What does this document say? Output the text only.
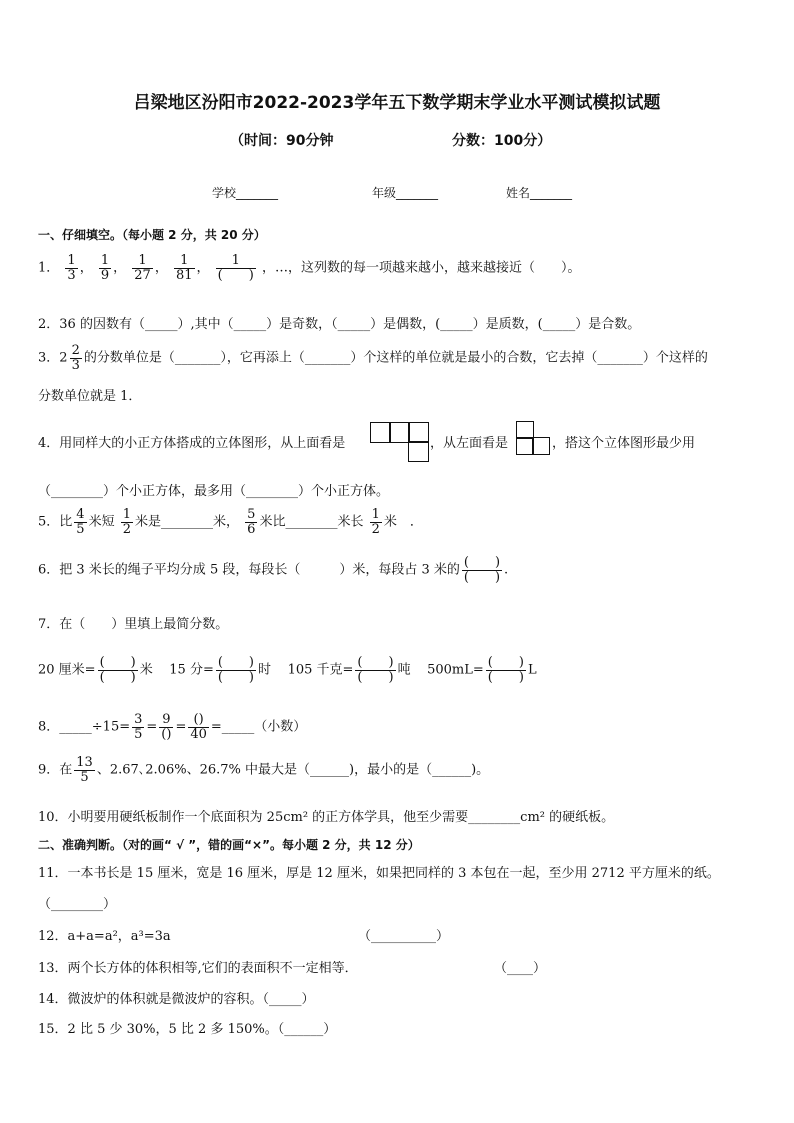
吕梁地区汾阳市2022-2023学年五下数学期末学业水平测试模拟试题
（时间：90分钟	分数：100分）
学校_______	年级_______	姓名_______
一、仔细填空。（每小题 2 分，共 20 分）
1． $\frac{1}{3}$ ， $\frac{1}{9}$ ， $\frac{1}{27}$ ， $\frac{1}{81}$ ， $\frac{1}{( )}$ ，…，这列数的每一项越来越小，越来越接近（　　）。
2．36 的因数有（_____）,其中（_____）是奇数，（_____）是偶数，(_____）是质数，(_____）是合数。
3．$2 \frac{2}{3}$ 的分数单位是（_______），它再添上（_______）个这样的单位就是最小的合数，它去掉（_______）个这样的
分数单位就是 1．
4．用同样大的小正方体搭成的立体图形，从上面看是	，从左面看是	，搭这个立体图形最少用
（________）个小正方体，最多用（________）个小正方体。
5．比 $\frac{4}{5}$ 米短 $\frac{1}{2}$ 米是________米， $\frac{5}{6}$ 米比________米长 $\frac{1}{2}$ 米　．
6．把 3 米长的绳子平均分成 5 段，每段长（　　　）米，每段占 3 米的 $\frac{( )}{( )}$ .
7．在（　　）里填上最简分数。
20 厘米= $\frac{( )}{( )}$ 米 15 分= $\frac{( )}{( )}$ 时 105 千克= $\frac{( )}{( )}$ 吨 $500mL= \frac{( )}{( )}$ L
8．_____÷15= $\frac{3}{5} = \frac{9}{()} = \frac{()}{40}$ =_____（小数）
9．在 $\frac{13}{5}$ 、2.67､2.06%、26.7% 中最大是（______)，最小的是（______)。
10．小明要用硬纸板制作一个底面积为 25cm² 的正方体学具，他至少需要________cm² 的硬纸板。
二、准确判断。（对的画“ √ ”，错的画“×”。每小题 2 分，共 12 分）
11．一本书长是 15 厘米，宽是 16 厘米，厚是 12 厘米，如果把同样的 3 本包在一起，至少用 2712 平方厘米的纸。
（________）
12．a+a=a²，a³=3a	（__________）
13．两个长方体的体积相等,它们的表面积不一定相等．	（____）
14．微波炉的体积就是微波炉的容积。（_____）
15．2 比 5 少 30%，5 比 2 多 150%。（______）
